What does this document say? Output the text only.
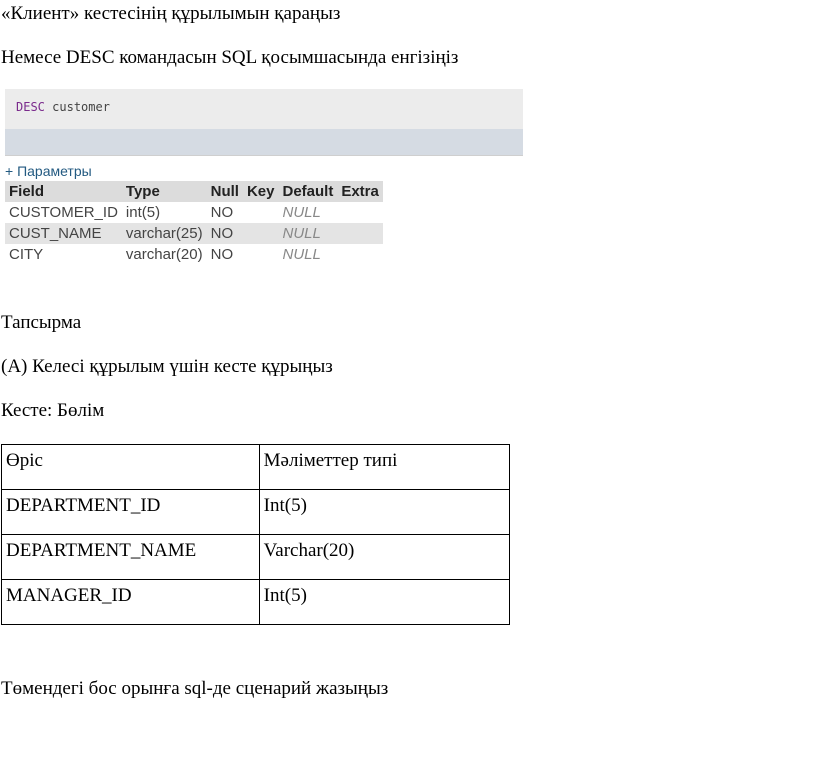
«Клиент» кестесінің құрылымын қараңыз
Немесе DESC командасын SQL қосымшасында енгізіңіз
DESC customer
+ Параметры
Field	Type	Null	Key	Default	Extra
CUSTOMER_ID	int(5)	NO		NULL	
CUST_NAME	varchar(25)	NO		NULL	
CITY	varchar(20)	NO		NULL	
Тапсырма
(A) Келесі құрылым үшін кесте құрыңыз
Кесте: Бөлім
Өріс	Мәліметтер типі
DEPARTMENT_ID	Int(5)
DEPARTMENT_NAME	Varchar(20)
MANAGER_ID	Int(5)
Төмендегі бос орынға sql-де сценарий жазыңыз
